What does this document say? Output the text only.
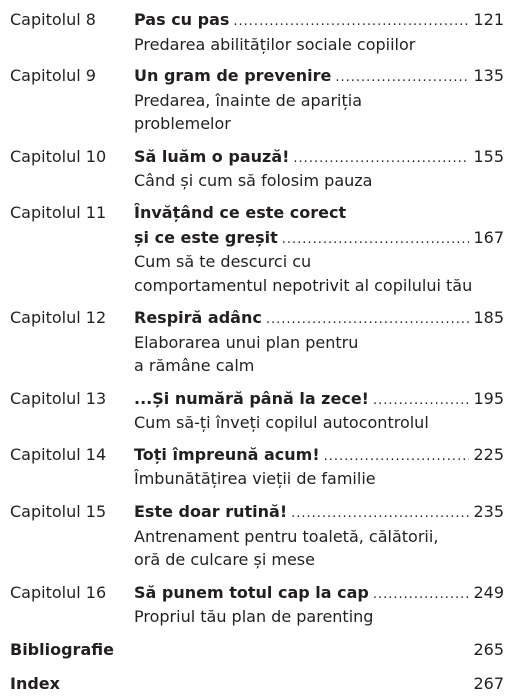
Capitolul 8 Pas cu pas .....	121
Predarea abilităților sociale copiilor
Capitolul 9 Un gram de prevenire .....	135
Predarea, înainte de apariția
problemelor
Capitolul 10 Să luăm o pauză! .....	155
Când și cum să folosim pauza
Capitolul 11 Învățând ce este corect
și ce este greșit .....	167
Cum să te descurci cu
comportamentul nepotrivit al copilului tău
Capitolul 12 Respiră adânc .....	185
Elaborarea unui plan pentru
a rămâne calm
Capitolul 13 ...Și numără până la zece! .....	195
Cum să-ți înveți copilul autocontrolul
Capitolul 14 Toți împreună acum! .....	225
Îmbunătățirea vieții de familie
Capitolul 15 Este doar rutină! .....	235
Antrenament pentru toaletă, călătorii,
oră de culcare și mese
Capitolul 16 Să punem totul cap la cap .....	249
Propriul tău plan de parenting
Bibliografie	265
Index	267
